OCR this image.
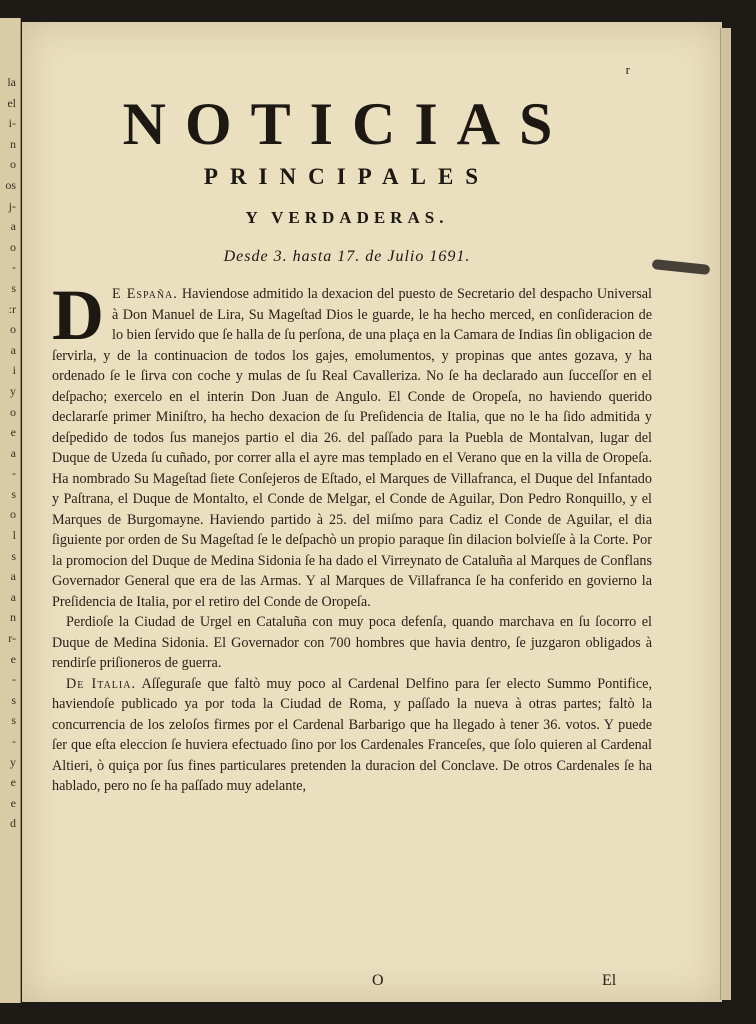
la
el
i-
n
o
os
j-
a
o
-
s
:r
o
a
i
y
o
e
a
-
s
o
l
s
a
a
n
r-
e
-
s
s
-
y
e
e
d
r
NOTICIAS
PRINCIPALES
Y VERDADERAS.
Desde 3. hasta 17. de Julio 1691.

D E España. Haviendose admitido la dexacion del puesto de Secretario del despacho Universal à Don Manuel de Lira, Su Mageſtad Dios le guarde, le ha hecho merced, en conſideracion de lo bien ſervido que ſe halla de ſu perſona, de una plaça en la Camara de Indias ſin obligacion de ſervirla, y de la continuacion de todos los gajes, emolumentos, y propinas que antes gozava, y ha ordenado ſe le ſirva con coche y mulas de ſu Real Cavalleriza. No ſe ha declarado aun ſucceſſor en el deſpacho; exercelo en el interin Don Juan de Angulo. El Conde de Oropeſa, no haviendo querido declararſe primer Miniſtro, ha hecho dexacion de ſu Preſidencia de Italia, que no le ha ſido admitida y deſpedido de todos ſus manejos partio el dia 26. del paſſado para la Puebla de Montalvan, lugar del Duque de Uzeda ſu cuñado, por correr alla el ayre mas templado en el Verano que en la villa de Oropeſa. Ha nombrado Su Mageſtad ſiete Conſejeros de Eſtado, el Marques de Villafranca, el Duque del Infantado y Paſtrana, el Duque de Montalto, el Conde de Melgar, el Conde de Aguilar, Don Pedro Ronquillo, y el Marques de Burgomayne. Haviendo partido à 25. del miſmo para Cadiz el Conde de Aguilar, el dia ſiguiente por orden de Su Mageſtad ſe le deſpachò un propio paraque ſin dilacion bolvieſſe à la Corte. Por la promocion del Duque de Medina Sidonia ſe ha dado el Virreynato de Cataluña al Marques de Conflans Governador General que era de las Armas. Y al Marques de Villafranca ſe ha conferido en govierno la Preſidencia de Italia, por el retiro del Conde de Oropeſa.

Perdioſe la Ciudad de Urgel en Cataluña con muy poca defenſa, quando marchava en ſu ſocorro el Duque de Medina Sidonia. El Governador con 700 hombres que havia dentro, ſe juzgaron obligados à rendirſe priſioneros de guerra.

De Italia. Aſſeguraſe que faltò muy poco al Cardenal Delfino para ſer electo Summo Pontifice, haviendoſe publicado ya por toda la Ciudad de Roma, y paſſado la nueva à otras partes; faltò la concurrencia de los zeloſos firmes por el Cardenal Barbarigo que ha llegado à tener 36. votos. Y puede ſer que eſta eleccion ſe huviera efectuado ſino por los Cardenales Franceſes, que ſolo quieren al Cardenal Altieri, ò quiça por ſus fines particulares pretenden la duracion del Conclave. De otros Cardenales ſe ha hablado, pero no ſe ha paſſado muy adelante,

O	El
